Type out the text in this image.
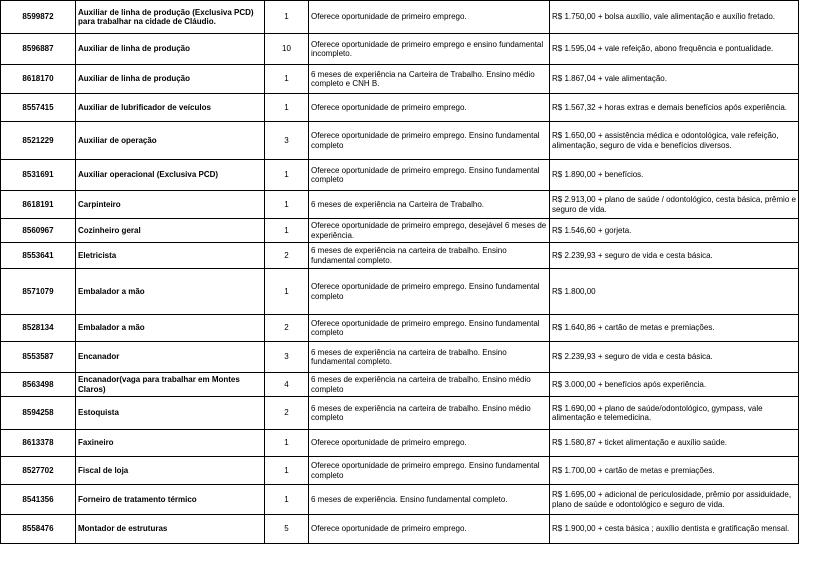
8599872	Auxiliar de linha de produção (Exclusiva PCD) para trabalhar na cidade de Cláudio.	1	Oferece oportunidade de primeiro emprego.	R$ 1.750,00 + bolsa auxílio, vale alimentação e auxílio fretado.
8596887	Auxiliar de linha de produção	10	Oferece oportunidade de primeiro emprego e ensino fundamental incompleto.	R$ 1.595,04 + vale refeição, abono frequência e pontualidade.
8618170	Auxiliar de linha de produção	1	6 meses de experiência na Carteira de Trabalho. Ensino médio completo e CNH B.	R$ 1.867,04 + vale alimentação.
8557415	Auxiliar de lubrificador de veículos	1	Oferece oportunidade de primeiro emprego.	R$ 1.567,32 + horas extras e demais benefícios após experiência.
8521229	Auxiliar de operação	3	Oferece oportunidade de primeiro emprego. Ensino fundamental completo	R$ 1.650,00 + assistência médica e odontológica, vale refeição, alimentação, seguro de vida e benefícios diversos.
8531691	Auxiliar operacional (Exclusiva PCD)	1	Oferece oportunidade de primeiro emprego. Ensino fundamental completo	R$ 1.890,00 + benefícios.
8618191	Carpinteiro	1	6 meses de experiência na Carteira de Trabalho.	R$ 2.913,00 + plano de saúde / odontológico, cesta básica, prêmio e seguro de vida.
8560967	Cozinheiro geral	1	Oferece oportunidade de primeiro emprego, desejável 6 meses de experiência.	R$ 1.546,60 + gorjeta.
8553641	Eletricista	2	6 meses de experiência na carteira de trabalho. Ensino fundamental completo.	R$ 2.239,93 + seguro de vida e cesta básica.
8571079	Embalador a mão	1	Oferece oportunidade de primeiro emprego. Ensino fundamental completo	R$ 1.800,00
8528134	Embalador a mão	2	Oferece oportunidade de primeiro emprego. Ensino fundamental completo	R$ 1.640,86 + cartão de metas e premiações.
8553587	Encanador	3	6 meses de experiência na carteira de trabalho. Ensino fundamental completo.	R$ 2.239,93 + seguro de vida e cesta básica.
8563498	Encanador(vaga para trabalhar em Montes Claros)	4	6 meses de experiência na carteira de trabalho. Ensino médio completo	R$ 3.000,00 + benefícios após experiência.
8594258	Estoquista	2	6 meses de experiência na carteira de trabalho. Ensino médio completo	R$ 1.690,00 + plano de saúde/odontológico, gympass, vale alimentação e telemedicina.
8613378	Faxineiro	1	Oferece oportunidade de primeiro emprego.	R$ 1.580,87 + ticket alimentação e auxílio saúde.
8527702	Fiscal de loja	1	Oferece oportunidade de primeiro emprego. Ensino fundamental completo	R$ 1.700,00 + cartão de metas e premiações.
8541356	Forneiro de tratamento térmico	1	6 meses de experiência. Ensino fundamental completo.	R$ 1.695,00 + adicional de periculosidade, prêmio por assiduidade, plano de saúde e odontológico e seguro de vida.
8558476	Montador de estruturas	5	Oferece oportunidade de primeiro emprego.	R$ 1.900,00 + cesta básica ; auxílio dentista e gratificação mensal.
